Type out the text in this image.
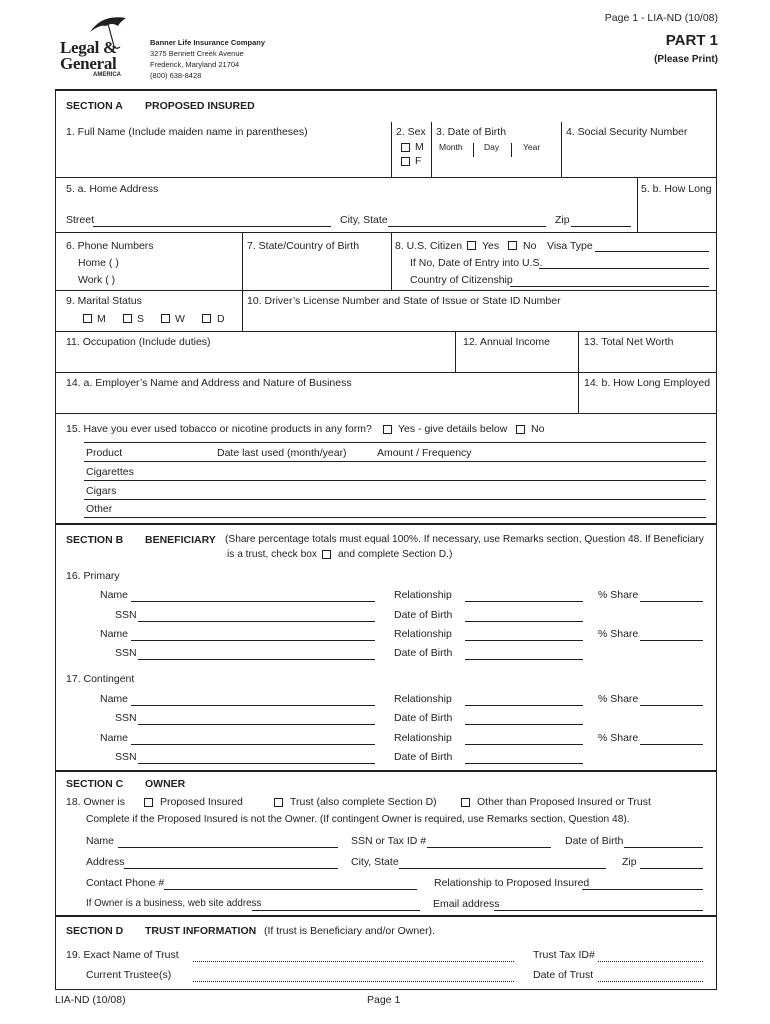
Legal &
General
AMERICA
Banner Life Insurance Company
3275 Bennett Creek Avenue
Frederick, Maryland 21704
(800) 638-8428
Page 1 - LIA-ND (10/08)
PART 1
(Please Print)
SECTION A PROPOSED INSURED
1. Full Name (Include maiden name in parentheses)	2. Sex
M
F
3. Date of Birth
Month	Day	Year
4. Social Security Number
5. a. Home Address	5. b. How Long
Street	City, State	Zip
6. Phone Numbers
Home ( )
Work ( )
7. State/Country of Birth	8. U.S. Citizen Yes No Visa Type
If No, Date of Entry into U.S.
Country of Citizenship
9. Marital Status
M	S	W	D
10. Driver’s License Number and State of Issue or State ID Number
11. Occupation (Include duties)	12. Annual Income	13. Total Net Worth
14. a. Employer’s Name and Address and Nature of Business	14. b. How Long Employed
15. Have you ever used tobacco or nicotine products in any form? Yes - give details below No
Product	Date last used (month/year)	Amount / Frequency
Cigarettes
Cigars
Other
SECTION B BENEFICIARY (Share percentage totals must equal 100%. If necessary, use Remarks section, Question 48. If Beneficiary
is a trust, check box and complete Section D.)
16. Primary
Name	Relationship	% Share
SSN	Date of Birth
Name	Relationship	% Share
SSN	Date of Birth
17. Contingent
Name	Relationship	% Share
SSN	Date of Birth
Name	Relationship	% Share
SSN	Date of Birth
SECTION C OWNER
18. Owner is	Proposed Insured	Trust (also complete Section D)	Other than Proposed Insured or Trust
Complete if the Proposed Insured is not the Owner. (If contingent Owner is required, use Remarks section, Question 48).
Name	SSN or Tax ID #	Date of Birth
Address	City, State	Zip
Contact Phone #	Relationship to Proposed Insured
If Owner is a business, web site address	Email address
SECTION D TRUST INFORMATION (If trust is Beneficiary and/or Owner).
19. Exact Name of Trust	Trust Tax ID#
Current Trustee(s)	Date of Trust
LIA-ND (10/08)	Page 1
